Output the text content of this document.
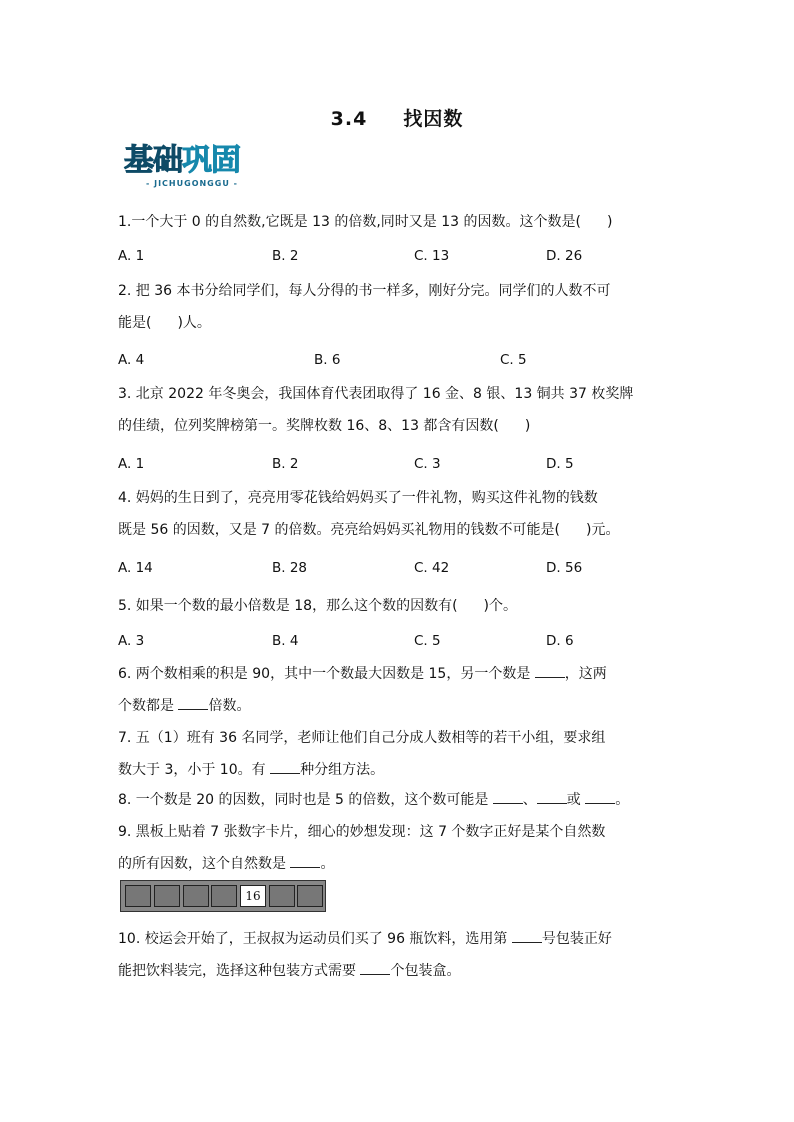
3.4 找因数
基础巩固
- JICHUGONGGU -
1.一个大于 0 的自然数,它既是 13 的倍数,同时又是 13 的因数。这个数是( )
A. 1	B. 2	C. 13	D. 26
2. 把 36 本书分给同学们，每人分得的书一样多，刚好分完。同学们的人数不可
能是( )人。
A. 4	B. 6	C. 5
3. 北京 2022 年冬奥会，我国体育代表团取得了 16 金、8 银、13 铜共 37 枚奖牌
的佳绩，位列奖牌榜第一。奖牌枚数 16、8、13 都含有因数( )
A. 1	B. 2	C. 3	D. 5
4. 妈妈的生日到了，亮亮用零花钱给妈妈买了一件礼物，购买这件礼物的钱数
既是 56 的因数，又是 7 的倍数。亮亮给妈妈买礼物用的钱数不可能是( )元。
A. 14	B. 28	C. 42	D. 56
5. 如果一个数的最小倍数是 18，那么这个数的因数有( )个。
A. 3	B. 4	C. 5	D. 6
6. 两个数相乘的积是 90，其中一个数最大因数是 15，另一个数是 ，这两
个数都是 倍数。
7. 五（1）班有 36 名同学，老师让他们自己分成人数相等的若干小组，要求组
数大于 3，小于 10。有 种分组方法。
8. 一个数是 20 的因数，同时也是 5 的倍数，这个数可能是 、 或 。
9. 黑板上贴着 7 张数字卡片，细心的妙想发现：这 7 个数字正好是某个自然数
的所有因数，这个自然数是 。
16
10. 校运会开始了，王叔叔为运动员们买了 96 瓶饮料，选用第 号包装正好
能把饮料装完，选择这种包装方式需要 个包装盒。
